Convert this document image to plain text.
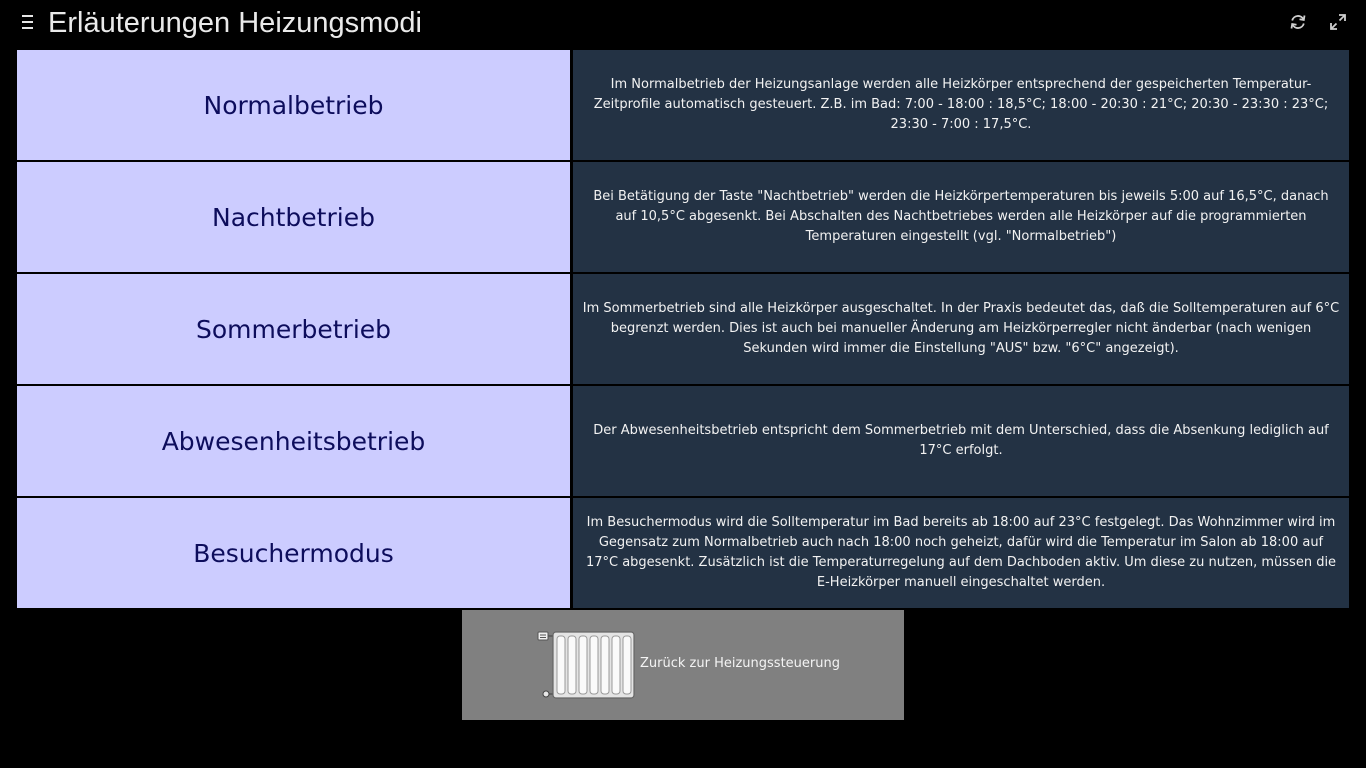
Erläuterungen Heizungsmodi
Normalbetrieb
Im Normalbetrieb der Heizungsanlage werden alle Heizkörper entsprechend der gespeicherten Temperatur-Zeitprofile automatisch gesteuert. Z.B. im Bad: 7:00 - 18:00 : 18,5°C; 18:00 - 20:30 : 21°C; 20:30 - 23:30 : 23°C; 23:30 - 7:00 : 17,5°C.
Nachtbetrieb
Bei Betätigung der Taste "Nachtbetrieb" werden die Heizkörpertemperaturen bis jeweils 5:00 auf 16,5°C, danach auf 10,5°C abgesenkt. Bei Abschalten des Nachtbetriebes werden alle Heizkörper auf die programmierten Temperaturen eingestellt (vgl. "Normalbetrieb")
Sommerbetrieb
Im Sommerbetrieb sind alle Heizkörper ausgeschaltet. In der Praxis bedeutet das, daß die Solltemperaturen auf 6°C begrenzt werden. Dies ist auch bei manueller Änderung am Heizkörperregler nicht änderbar (nach wenigen Sekunden wird immer die Einstellung "AUS" bzw. "6°C" angezeigt).
Abwesenheitsbetrieb	Der Abwesenheitsbetrieb entspricht dem Sommerbetrieb mit dem Unterschied, dass die Absenkung lediglich auf 17°C erfolgt.
Besuchermodus
Im Besuchermodus wird die Solltemperatur im Bad bereits ab 18:00 auf 23°C festgelegt. Das Wohnzimmer wird im Gegensatz zum Normalbetrieb auch nach 18:00 noch geheizt, dafür wird die Temperatur im Salon ab 18:00 auf 17°C abgesenkt. Zusätzlich ist die Temperaturregelung auf dem Dachboden aktiv. Um diese zu nutzen, müssen die E-Heizkörper manuell eingeschaltet werden.
Zurück zur Heizungssteuerung
